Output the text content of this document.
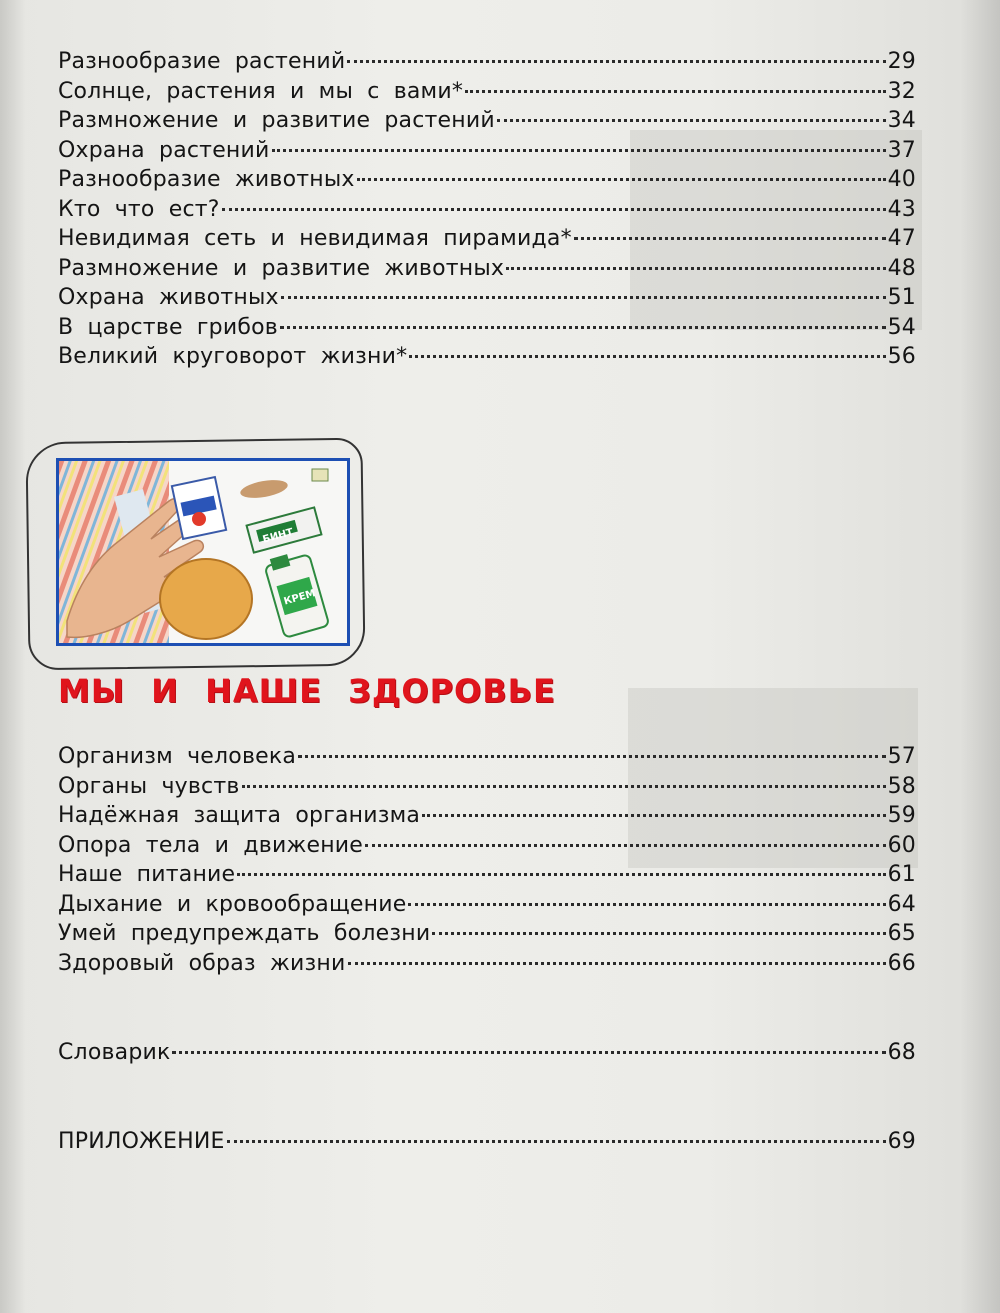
Разнообразие растений	29
Солнце, растения и мы с вами*	32
Размножение и развитие растений	34
Охрана растений	37
Разнообразие животных	40
Кто что ест?	43
Невидимая сеть и невидимая пирамида*	47
Размножение и развитие животных	48
Охрана животных	51
В царстве грибов	54
Великий круговорот жизни*	56
БИНТ
КРЕМ
МЫ И НАШЕ ЗДОРОВЬЕ
Организм человека	57
Органы чувств	58
Надёжная защита организма	59
Опора тела и движение	60
Наше питание	61
Дыхание и кровообращение	64
Умей предупреждать болезни	65
Здоровый образ жизни	66
Словарик	68
ПРИЛОЖЕНИЕ	69
